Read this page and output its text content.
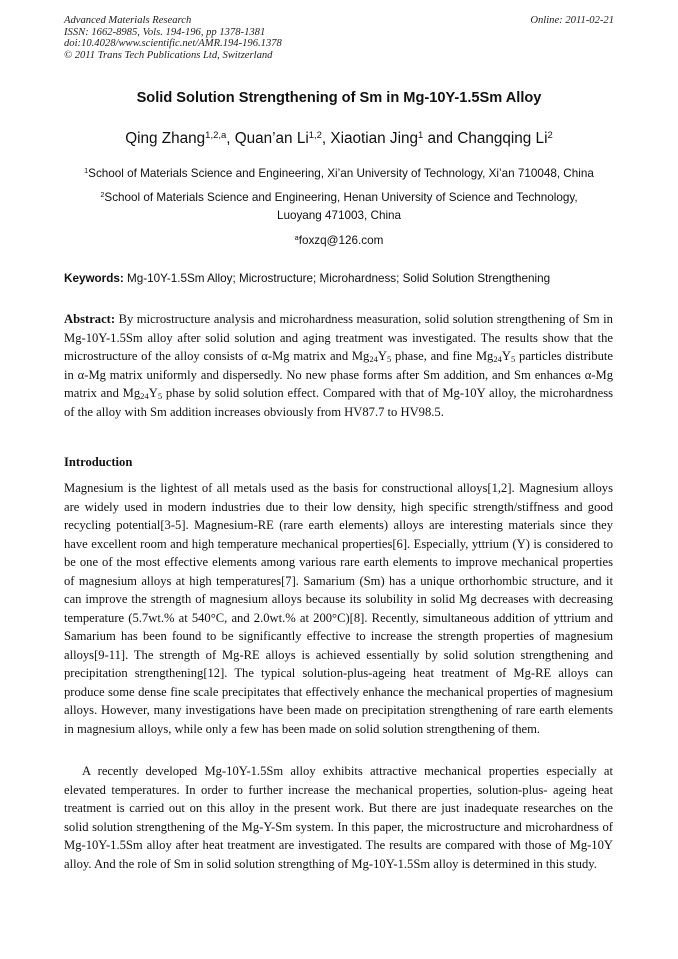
Advanced Materials Research
ISSN: 1662-8985, Vols. 194-196, pp 1378-1381
doi:10.4028/www.scientific.net/AMR.194-196.1378
© 2011 Trans Tech Publications Ltd, Switzerland
Online: 2011-02-21
Solid Solution Strengthening of Sm in Mg-10Y-1.5Sm Alloy
Qing Zhang$^{1,2,a}$, Quan’an Li$^{1,2}$, Xiaotian Jing$^1$ and Changqing Li$^2$
$^1$School of Materials Science and Engineering, Xi’an University of Technology, Xi’an 710048, China
$^2$School of Materials Science and Engineering, Henan University of Science and Technology,
Luoyang 471003, China
$^a$foxzq@126.com
Keywords: Mg-10Y-1.5Sm Alloy; Microstructure; Microhardness; Solid Solution Strengthening
Abstract: By microstructure analysis and microhardness measuration, solid solution strengthening of Sm in Mg-10Y-1.5Sm alloy after solid solution and aging treatment was investigated. The results show that the microstructure of the alloy consists of α-Mg matrix and $Mg_{24}Y_5$ phase, and fine $Mg_{24}Y_5$ particles distribute in α-Mg matrix uniformly and dispersedly. No new phase forms after Sm addition, and Sm enhances α-Mg matrix and $Mg_{24}Y_5$ phase by solid solution effect. Compared with that of Mg-10Y alloy, the microhardness of the alloy with Sm addition increases obviously from HV87.7 to HV98.5.
Introduction
Magnesium is the lightest of all metals used as the basis for constructional alloys[1,2]. Magnesium alloys are widely used in modern industries due to their low density, high specific strength/stiffness and good recycling potential[3-5]. Magnesium-RE (rare earth elements) alloys are interesting materials since they have excellent room and high temperature mechanical properties[6]. Especially, yttrium (Y) is considered to be one of the most effective elements among various rare earth elements to improve mechanical properties of magnesium alloys at high temperatures[7]. Samarium (Sm) has a unique orthorhombic structure, and it can improve the strength of magnesium alloys because its solubility in solid Mg decreases with decreasing temperature (5.7wt.% at 540°C, and 2.0wt.% at 200°C)[8]. Recently, simultaneous addition of yttrium and Samarium has been found to be significantly effective to increase the strength properties of magnesium alloys[9-11]. The strength of Mg-RE alloys is achieved essentially by solid solution strengthening and precipitation strengthening[12]. The typical solution-plus-ageing heat treatment of Mg-RE alloys can produce some dense fine scale precipitates that effectively enhance the mechanical properties of magnesium alloys. However, many investigations have been made on precipitation strengthening of rare earth elements in magnesium alloys, while only a few has been made on solid solution strengthening of them.
A recently developed Mg-10Y-1.5Sm alloy exhibits attractive mechanical properties especially at elevated temperatures. In order to further increase the mechanical properties, solution-plus- ageing heat treatment is carried out on this alloy in the present work. But there are just inadequate researches on the solid solution strengthening of the Mg-Y-Sm system. In this paper, the microstructure and microhardness of Mg-10Y-1.5Sm alloy after heat treatment are investigated. The results are compared with those of Mg-10Y alloy. And the role of Sm in solid solution strengthing of Mg-10Y-1.5Sm alloy is determined in this study.
